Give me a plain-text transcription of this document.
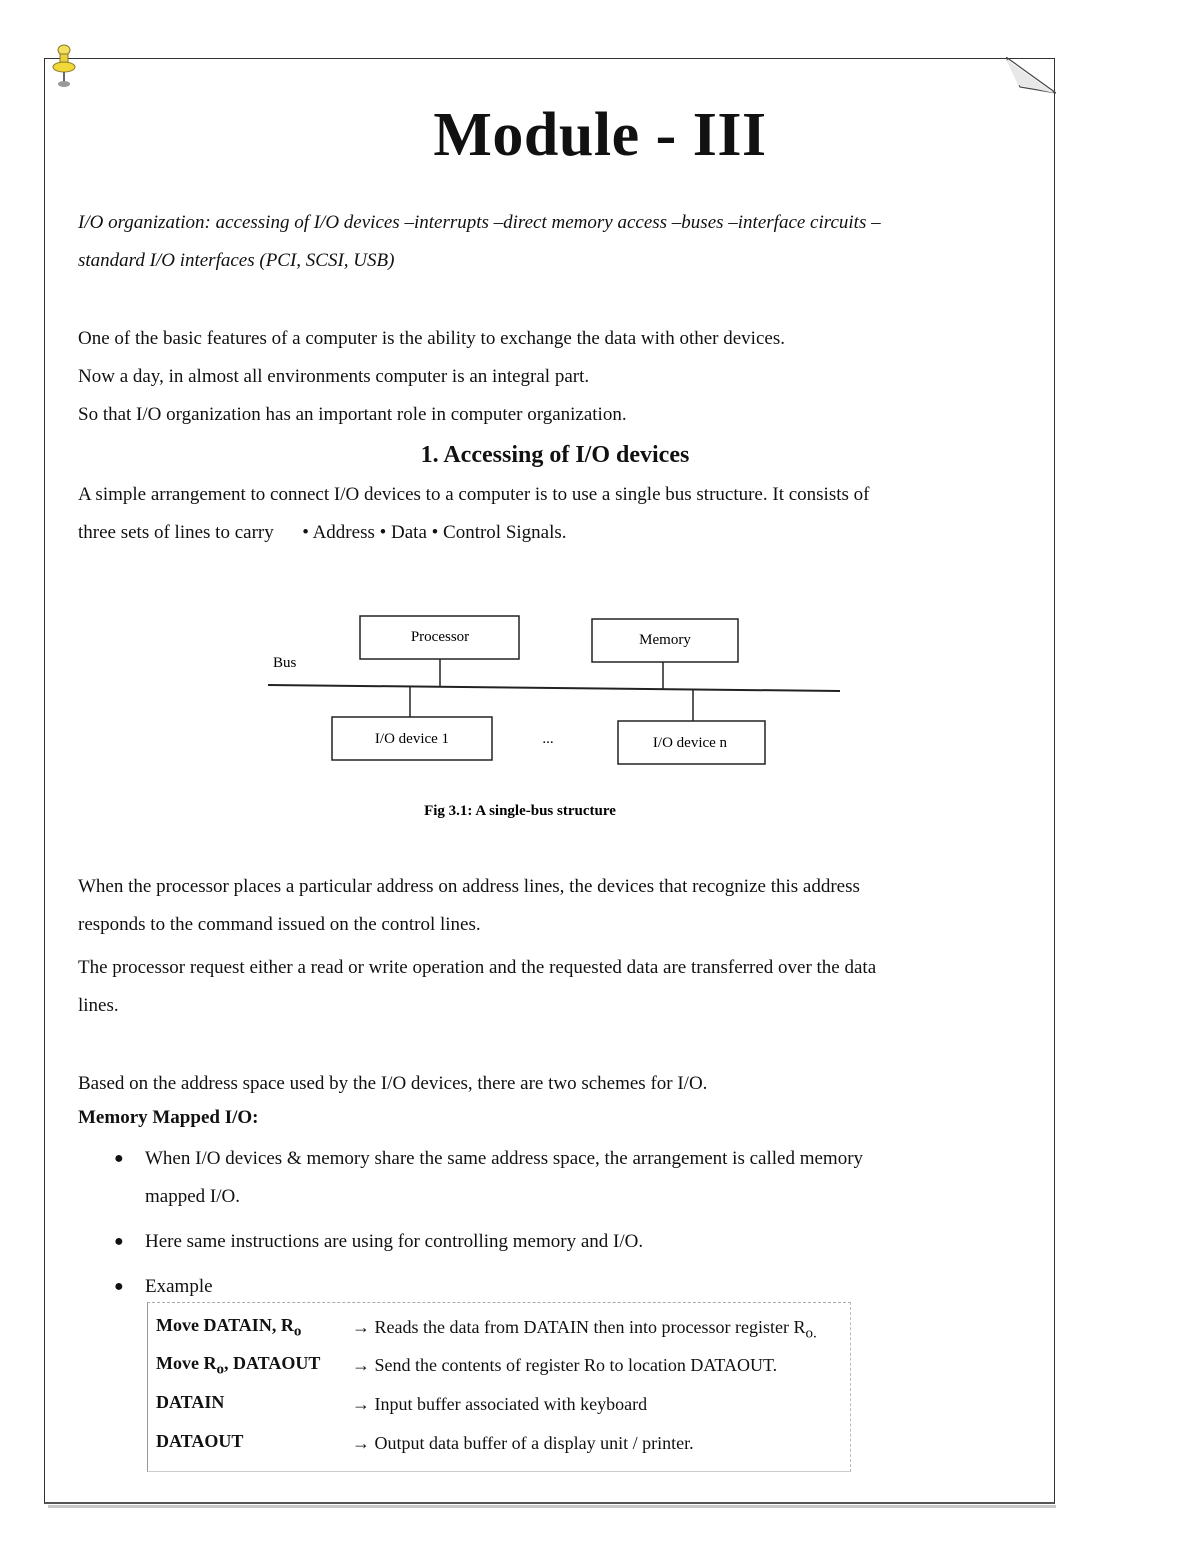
Module - III
I/O organization: accessing of I/O devices –interrupts –direct memory access –buses –interface circuits –
standard I/O interfaces (PCI, SCSI, USB)
One of the basic features of a computer is the ability to exchange the data with other devices.
Now a day, in almost all environments computer is an integral part.
So that I/O organization has an important role in computer organization.
1. Accessing of I/O devices
A simple arrangement to connect I/O devices to a computer is to use a single bus structure. It consists of
three sets of lines to carry      • Address • Data • Control Signals.
Processor	Memory
Bus
I/O device 1	...	I/O device n
Fig 3.1: A single-bus structure
When the processor places a particular address on address lines, the devices that recognize this address
responds to the command issued on the control lines.
The processor request either a read or write operation and the requested data are transferred over the data
lines.
Based on the address space used by the I/O devices, there are two schemes for I/O.
Memory Mapped I/O:
● When I/O devices & memory share the same address space, the arrangement is called memory
mapped I/O.
● Here same instructions are using for controlling memory and I/O.
● Example
Move DATAIN, $R_o$	→ Reads the data from DATAIN then into processor register $R_{o.}$
Move $R_o$, DATAOUT → Send the contents of register Ro to location DATAOUT.
DATAIN	→ Input buffer associated with keyboard
DATAOUT	→ Output data buffer of a display unit / printer.
